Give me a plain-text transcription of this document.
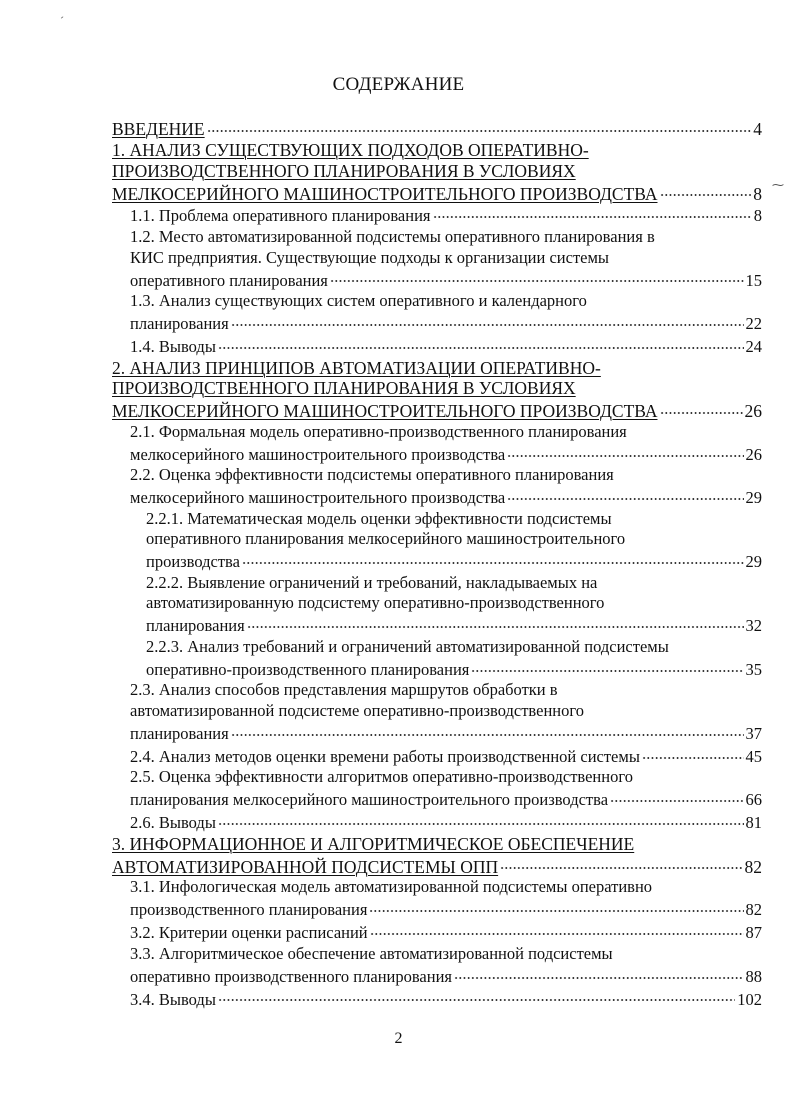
ˊ
⁓
СОДЕРЖАНИЕ
ВВЕДЕНИЕ	4
1. АНАЛИЗ СУЩЕСТВУЮЩИХ ПОДХОДОВ ОПЕРАТИВНО-
ПРОИЗВОДСТВЕННОГО ПЛАНИРОВАНИЯ В УСЛОВИЯХ
МЕЛКОСЕРИЙНОГО МАШИНОСТРОИТЕЛЬНОГО ПРОИЗВОДСТВА	8
1.1. Проблема оперативного планирования	8
1.2. Место автоматизированной подсистемы оперативного планирования в
КИС предприятия. Существующие подходы к организации системы
оперативного планирования	15
1.3. Анализ существующих систем оперативного и календарного
планирования	22
1.4. Выводы	24
2. АНАЛИЗ ПРИНЦИПОВ АВТОМАТИЗАЦИИ ОПЕРАТИВНО-
ПРОИЗВОДСТВЕННОГО ПЛАНИРОВАНИЯ В УСЛОВИЯХ
МЕЛКОСЕРИЙНОГО МАШИНОСТРОИТЕЛЬНОГО ПРОИЗВОДСТВА	26
2.1. Формальная модель оперативно-производственного планирования
мелкосерийного машиностроительного производства	26
2.2. Оценка эффективности подсистемы оперативного планирования
мелкосерийного машиностроительного производства	29
2.2.1. Математическая модель оценки эффективности подсистемы
оперативного планирования мелкосерийного машиностроительного
производства	29
2.2.2. Выявление ограничений и требований, накладываемых на
автоматизированную подсистему оперативно-производственного
планирования	32
2.2.3. Анализ требований и ограничений автоматизированной подсистемы
оперативно-производственного планирования	35
2.3. Анализ способов представления маршрутов обработки в
автоматизированной подсистеме оперативно-производственного
планирования	37
2.4. Анализ методов оценки времени работы производственной системы	45
2.5. Оценка эффективности алгоритмов оперативно-производственного
планирования мелкосерийного машиностроительного производства	66
2.6. Выводы	81
3. ИНФОРМАЦИОННОЕ И АЛГОРИТМИЧЕСКОЕ ОБЕСПЕЧЕНИЕ
АВТОМАТИЗИРОВАННОЙ ПОДСИСТЕМЫ ОПП	82
3.1. Инфологическая модель автоматизированной подсистемы оперативно
производственного планирования	82
3.2. Критерии оценки расписаний	87
3.3. Алгоритмическое обеспечение автоматизированной подсистемы
оперативно производственного планирования	88
3.4. Выводы	102
2
